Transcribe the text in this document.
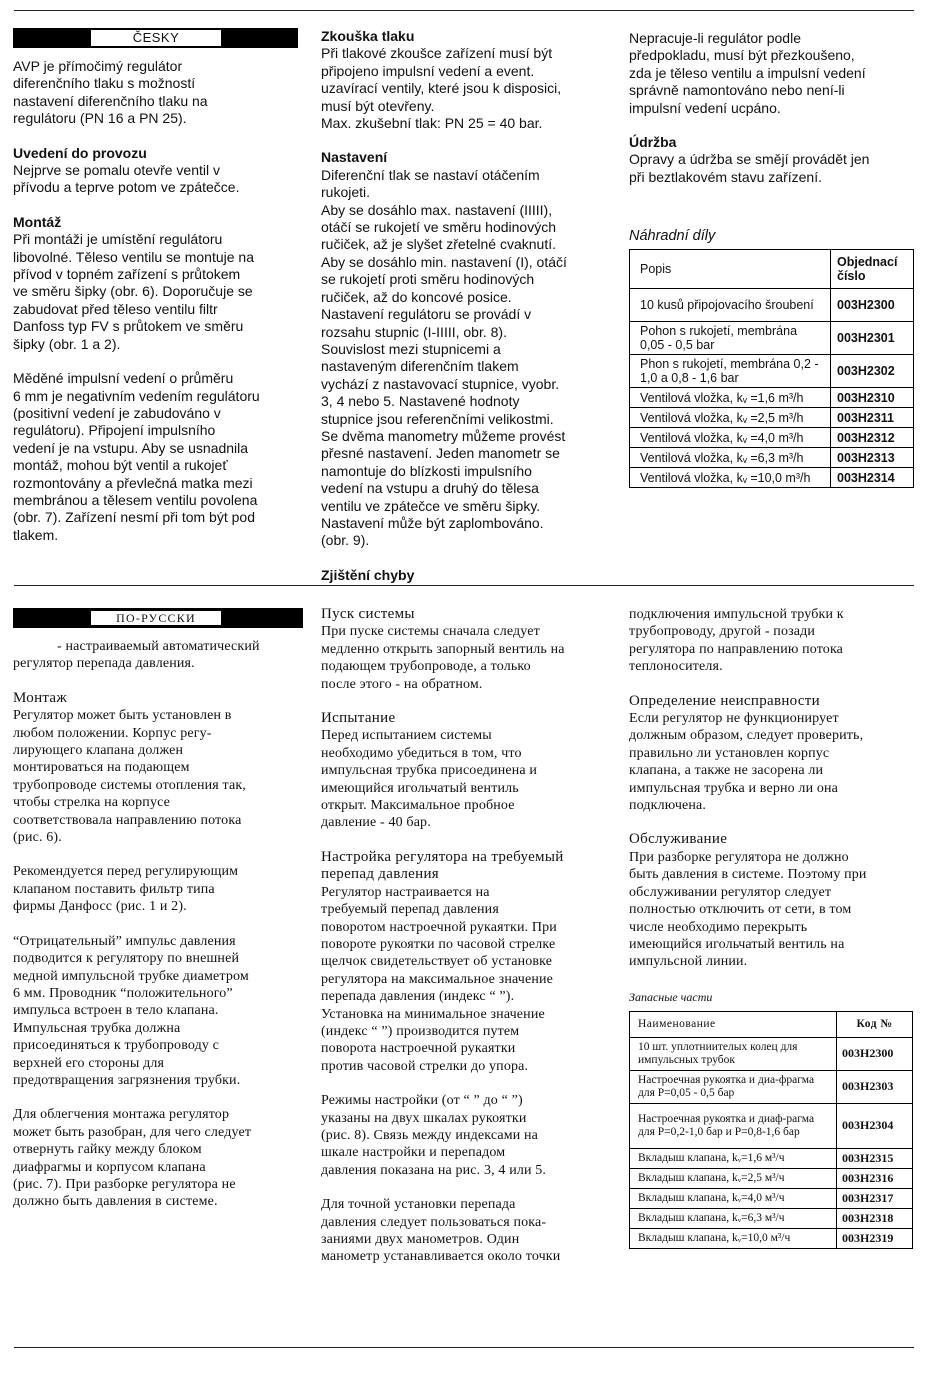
ČESKY

AVP je přímočimý regulátor

diferenčního tlaku s možností

nastavení diferenčního tlaku na

regulátoru (PN 16 a PN 25).

Uvedení do provozu

Nejprve se pomalu otevře ventil v

přívodu a teprve potom ve zpátečce.

Montáž

Při montáži je umístění regulátoru

libovolné. Těleso ventilu se montuje na

přívod v topném zařízení s průtokem

ve směru šipky (obr. 6). Doporučuje se

zabudovat před těleso ventilu filtr

Danfoss typ FV s průtokem ve směru

šipky (obr. 1 a 2).

Měděné impulsní vedení o průměru

6 mm je negativním vedením regulátoru

(positivní vedení je zabudováno v

regulátoru). Připojení impulsního

vedení je na vstupu. Aby se usnadnila

montáž, mohou být ventil a rukojeť

rozmontovány a převlečná matka mezi

membránou a tělesem ventilu povolena

(obr. 7). Zařízení nesmí při tom být pod

tlakem.

Zkouška tlaku

Při tlakové zkoušce zařízení musí být

připojeno impulsní vedení a event.

uzavírací ventily, které jsou k disposici,

musí být otevřeny.

Max. zkušební tlak: PN 25 = 40 bar.

Nastavení

Diferenční tlak se nastaví otáčením

rukojeti.

Aby se dosáhlo max. nastavení (IIIII),

otáčí se rukojetí ve směru hodinových

ručiček, až je slyšet zřetelné cvaknutí.

Aby se dosáhlo min. nastavení (I), otáčí

se rukojetí proti směru hodinových

ručiček, až do koncové posice.

Nastavení regulátoru se provádí v

rozsahu stupnic (I-IIIII, obr. 8).

Souvislost mezi stupnicemi a

nastaveným diferenčním tlakem

vychází z nastavovací stupnice, vyobr.

3, 4 nebo 5. Nastavené hodnoty

stupnice jsou referenčními velikostmi.

Se dvěma manometry můžeme provést

přesné nastavení. Jeden manometr se

namontuje do blízkosti impulsního

vedení na vstupu a druhý do tělesa

ventilu ve zpátečce ve směru šipky.

Nastavení může být zaplombováno.

(obr. 9).

Zjištění chyby

Nepracuje-li regulátor podle

předpokladu, musí být přezkoušeno,

zda je těleso ventilu a impulsní vedení

správně namontováno nebo není-li

impulsní vedení ucpáno.

Údržba

Opravy a údržba se smějí provádět jen

při beztlakovém stavu zařízení.

Náhradní díly

Popis	Objednací číslo
10 kusů připojovacího šroubení	003H2300
Pohon s rukojetí, membrána 0,05 - 0,5 bar	003H2301
Phon s rukojetí, membrána 0,2 - 1,0 a 0,8 - 1,6 bar	003H2302
Ventilová vložka, kᵥ =1,6 m³/h	003H2310
Ventilová vložka, kᵥ =2,5 m³/h	003H2311
Ventilová vložka, kᵥ =4,0 m³/h	003H2312
Ventilová vložka, kᵥ =6,3 m³/h	003H2313
Ventilová vložka, kᵥ =10,0 m³/h	003H2314
ПО-РУССКИ

- настраиваемый автоматический

регулятор перепада давления.

Монтаж

Регулятор может быть установлен в

любом положении. Корпус регу-

лирующего клапана должен

монтироваться на подающем

трубопроводе системы отопления так,

чтобы стрелка на корпусе

соответствовала направлению потока

(рис. 6).

Рекомендуется перед регулирующим

клапаном поставить фильтр типа

фирмы Данфосс (рис. 1 и 2).

“Отрицательный” импульс давления

подводится к регулятору по внешней

медной импульсной трубке диаметром

6 мм. Проводник “положительного”

импульса встроен в тело клапана.

Импульсная трубка должна

присоединяться к трубопроводу с

верхней его стороны для

предотвращения загрязнения трубки.

Для облегчения монтажа регулятор

может быть разобран, для чего следует

отвернуть гайку между блоком

диафрагмы и корпусом клапана

(рис. 7). При разборке регулятора не

должно быть давления в системе.

Пуск системы

При пуске системы сначала следует

медленно открыть запорный вентиль на

подающем трубопроводе, а только

после этого - на обратном.

Испытание

Перед испытанием системы

необходимо убедиться в том, что

импульсная трубка присоединена и

имеющийся игольчатый вентиль

открыт. Максимальное пробное

давление - 40 бар.

Настройка регулятора на требуемый

перепад давления

Регулятор настраивается на

требуемый перепад давления

поворотом настроечной рукаятки. При

повороте рукоятки по часовой стрелке

щелчок свидетельствует об установке

регулятора на максимальное значение

перепада давления (индекс “ ”).

Установка на минимальное значение

(индекс “ ”) производится путем

поворота настроечной рукаятки

против часовой стрелки до упора.

Режимы настройки (от “ ” до “ ”)

указаны на двух шкалах рукоятки

(рис. 8). Связь между индексами на

шкале настройки и перепадом

давления показана на рис. 3, 4 или 5.

Для точной установки перепада

давления следует пользоваться пока-

заниями двух манометров. Один

манометр устанавливается около точки

подключения импульсной трубки к

трубопроводу, другой - позади

регулятора по направлению потока

теплоносителя.

Определение неисправности

Если регулятор не функционирует

должным образом, следует проверить,

правильно ли установлен корпус

клапана, а также не засорена ли

импульсная трубка и верно ли она

подключена.

Обслуживание

При разборке регулятора не должно

быть давления в системе. Поэтому при

обслуживании регулятор следует

полностью отключить от сети, в том

числе необходимо перекрыть

имеющийся игольчатый вентиль на

импульсной линии.

Запасные части

Наименование	Код №
10 шт. уплотниителых колец для импульсных трубок	003H2300
Настроечная рукоятка и диа-фрагма для P=0,05 - 0,5 бар	003H2303
Настроечная рукоятка и диаф-рагма для P=0,2-1,0 бар и P=0,8-1,6 бар	003H2304
Вкладыш клапана, kᵥ=1,6 м³/ч	003H2315
Вкладыш клапана, kᵥ=2,5 м³/ч	003H2316
Вкладыш клапана, kᵥ=4,0 м³/ч	003H2317
Вкладыш клапана, kᵥ=6,3 м³/ч	003H2318
Вкладыш клапана, kᵥ=10,0 м³/ч	003H2319
